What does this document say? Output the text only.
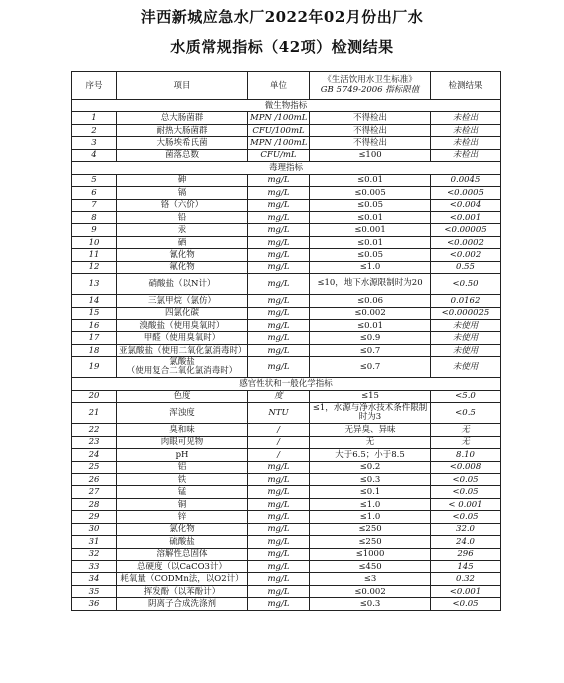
沣西新城应急水厂2022年02月份出厂水
水质常规指标（42项）检测结果
序号	项目	单位	《生活饮用水卫生标准》
GB 5749-2006 指标限值	检测结果
微生物指标				
1	总大肠菌群	MPN /100mL	不得检出	未检出
2	耐热大肠菌群	CFU/100mL	不得检出	未检出
3	大肠埃希氏菌	MPN /100mL	不得检出	未检出
4	菌落总数	CFU/mL	≤100	未检出
毒理指标				
5	砷	mg/L	≤0.01	0.0045
6	镉	mg/L	≤0.005	<0.0005
7	铬（六价）	mg/L	≤0.05	<0.004
8	铅	mg/L	≤0.01	<0.001
9	汞	mg/L	≤0.001	<0.00005
10	硒	mg/L	≤0.01	<0.0002
11	氰化物	mg/L	≤0.05	<0.002
12	氟化物	mg/L	≤1.0	0.55
13	硝酸盐（以N计）	mg/L	≤10，地下水源限制时为20	<0.50
14	三氯甲烷（氯仿）	mg/L	≤0.06	0.0162
15	四氯化碳	mg/L	≤0.002	<0.000025
16	溴酸盐（使用臭氧时）	mg/L	≤0.01	未使用
17	甲醛（使用臭氧时）	mg/L	≤0.9	未使用
18	亚氯酸盐（使用二氧化氯消毒时）	mg/L	≤0.7	未使用
19	氯酸盐
（使用复合二氧化氯消毒时）	mg/L	≤0.7	未使用
感官性状和一般化学指标				
20	色度	度	≤15	<5.0
21	浑浊度	NTU	≤1，水源与净水技术条件限制时为3	<0.5
22	臭和味	/	无异臭、异味	无
23	肉眼可见物	/	无	无
24	pH	/	大于6.5；小于8.5	8.10
25	铝	mg/L	≤0.2	<0.008
26	铁	mg/L	≤0.3	<0.05
27	锰	mg/L	≤0.1	<0.05
28	铜	mg/L	≤1.0	< 0.001
29	锌	mg/L	≤1.0	<0.05
30	氯化物	mg/L	≤250	32.0
31	硫酸盐	mg/L	≤250	24.0
32	溶解性总固体	mg/L	≤1000	296
33	总硬度（以CaCO3计）	mg/L	≤450	145
34	耗氧量（CODMn法，以O2计）	mg/L	≤3	0.32
35	挥发酚（以苯酚计）	mg/L	≤0.002	<0.001
36	阴离子合成洗涤剂	mg/L	≤0.3	<0.05
